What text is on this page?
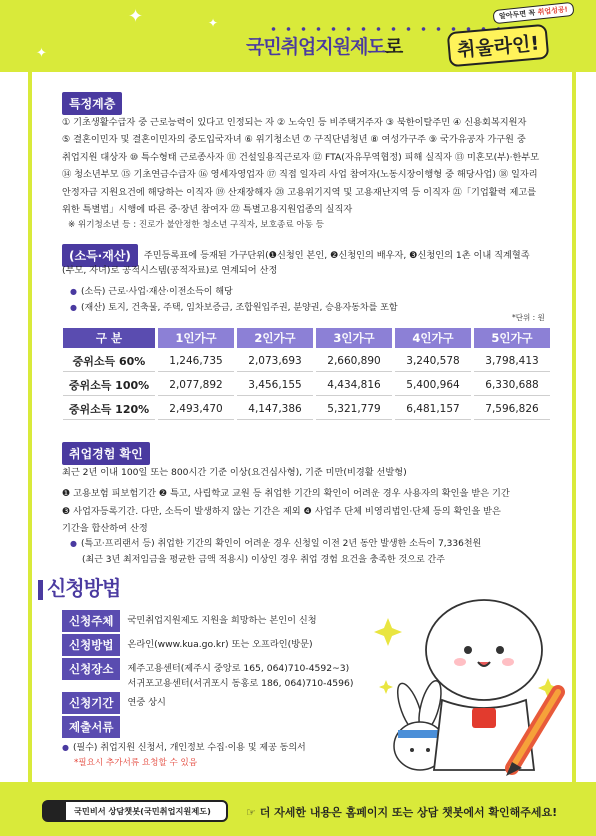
✦
✦
✦
국민취업지원제도로
알아두면 꼭 취업성공!
취울라인!
특정계층
① 기초생활수급자 중 근로능력이 있다고 인정되는 자 ② 노숙인 등 비주택거주자 ③ 북한이탈주민 ④ 신용회복지원자
⑤ 결혼이민자 및 결혼이민자의 중도입국자녀 ⑥ 위기청소년 ⑦ 구직단념청년 ⑧ 여성가구주 ⑨ 국가유공자 가구원 중
취업지원 대상자 ⑩ 특수형태 근로종사자 ⑪ 건설일용직근로자 ⑫ FTA(자유무역협정) 피해 실직자 ⑬ 미혼모(부)·한부모
⑭ 청소년부모 ⑮ 기초연금수급자 ⑯ 영세자영업자 ⑰ 직접 일자리 사업 참여자(노동시장이행형 중 해당사업) ⑱ 일자리
안정자금 지원요건에 해당하는 이직자 ⑲ 산재장해자 ⑳ 고용위기지역 및 고용재난지역 등 이직자 ㉑「기업활력 제고를
위한 특별법」시행에 따른 중·장년 참여자 ㉒ 특별고용지원업종의 실직자
※ 위기청소년 등 : 진로가 불안정한 청소년 구직자, 보호종료 아동 등
(소득·재산)	주민등록표에 등재된 가구단위(❶신청인 본인, ❷신청인의 배우자, ❸신청인의 1촌 이내 직계혈족
(부모, 자녀)로 공적시스템(공적자료)로 연계되어 산정
● (소득) 근로·사업·재산·이전소득이 해당
● (재산) 토지, 건축물, 주택, 임차보증금, 조합원입주권, 분양권, 승용자동차를 포함
*단위 : 원
구 분	1인가구	2인가구	3인가구	4인가구	5인가구
중위소득 60%	1,246,735	2,073,693	2,660,890	3,240,578	3,798,413
중위소득 100%	2,077,892	3,456,155	4,434,816	5,400,964	6,330,688
중위소득 120%	2,493,470	4,147,386	5,321,779	6,481,157	7,596,826
취업경험 확인
최근 2년 이내 100일 또는 800시간 기준 이상(요건심사형), 기준 미만(비경활 선발형)
❶ 고용보험 피보험기간 ❷ 특고, 사립학교 교원 등 취업한 기간의 확인이 어려운 경우 사용자의 확인을 받은 기간
❸ 사업자등록기간. 다만, 소득이 발생하지 않는 기간은 제외 ❹ 사업주 단체 비영리법인·단체 등의 확인을 받은
기간을 합산하여 산정
● (특고·프리랜서 등) 취업한 기간의 확인이 어려운 경우 신청일 이전 2년 동안 발생한 소득이 7,336천원
(최근 3년 최저임금을 평균한 금액 적용시) 이상인 경우 취업 경험 요건을 충족한 것으로 간주
신청방법
신청주체	국민취업지원제도 지원을 희망하는 본인이 신청
신청방법	온라인(www.kua.go.kr) 또는 오프라인(방문)
신청장소	제주고용센터(제주시 중앙로 165, 064)710-4592~3)
서귀포고용센터(서귀포시 동홍로 186, 064)710-4596)
신청기간	연중 상시
제출서류
● (필수) 취업지원 신청서, 개인정보 수집·이용 및 제공 동의서
*필요시 추가서류 요청할 수 있음
국민비서 상담챗봇(국민취업지원제도)	☞ 더 자세한 내용은 홈페이지 또는 상담 챗봇에서 확인해주세요!
